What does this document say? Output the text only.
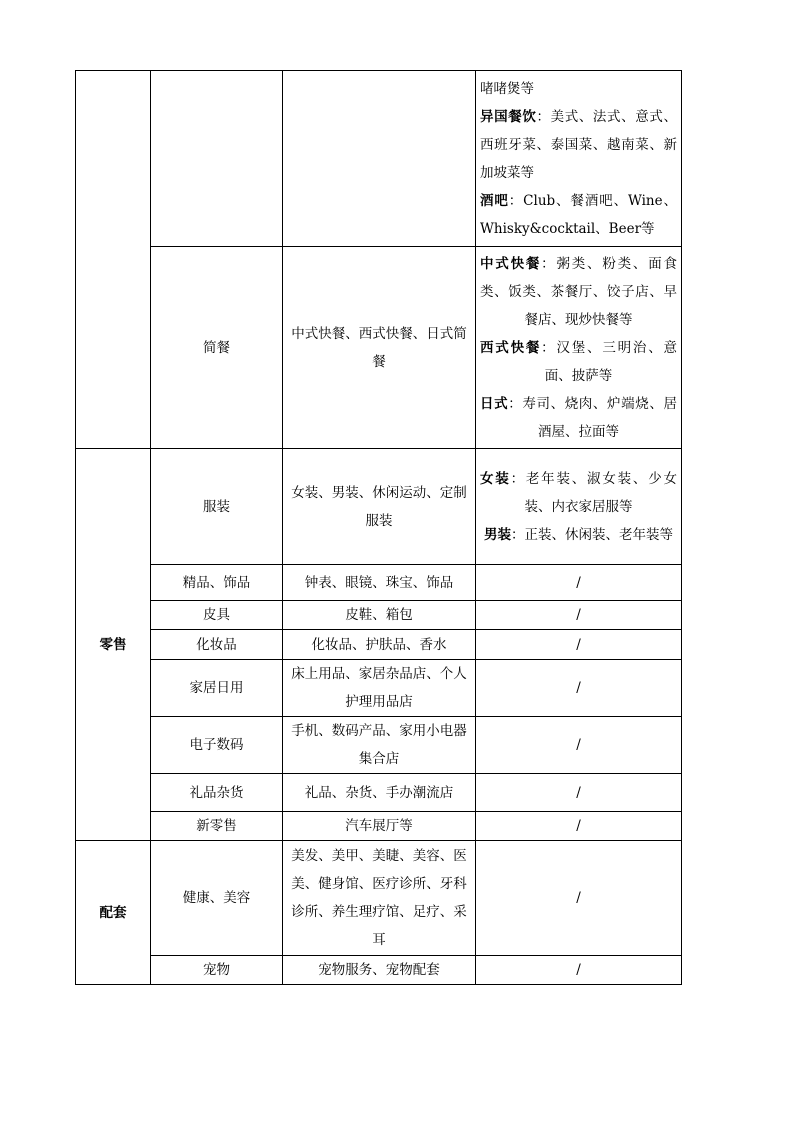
			啫啫煲等
异国餐饮：美式、法式、意式、西班牙菜、泰国菜、越南菜、新加坡菜等
酒吧：Club、餐酒吧、Wine、Whisky&cocktail、Beer等

	简餐	中式快餐、西式快餐、日式简餐	中式快餐：粥类、粉类、面食类、饭类、茶餐厅、饺子店、早餐店、现炒快餐等
西式快餐：汉堡、三明治、意面、披萨等
日式：寿司、烧肉、炉端烧、居酒屋、拉面等

零售	服装	女装、男装、休闲运动、定制服装	女装：老年装、淑女装、少女装、内衣家居服等
男装：正装、休闲装、老年装等

	精品、饰品	钟表、眼镜、珠宝、饰品	/
	皮具	皮鞋、箱包	/
	化妆品	化妆品、护肤品、香水	/
	家居日用	床上用品、家居杂品店、个人护理用品店	/
	电子数码	手机、数码产品、家用小电器集合店	/
	礼品杂货	礼品、杂货、手办潮流店	/
	新零售	汽车展厅等	/
配套	健康、美容	美发、美甲、美睫、美容、医美、健身馆、医疗诊所、牙科诊所、养生理疗馆、足疗、采耳	/
	宠物	宠物服务、宠物配套	/
